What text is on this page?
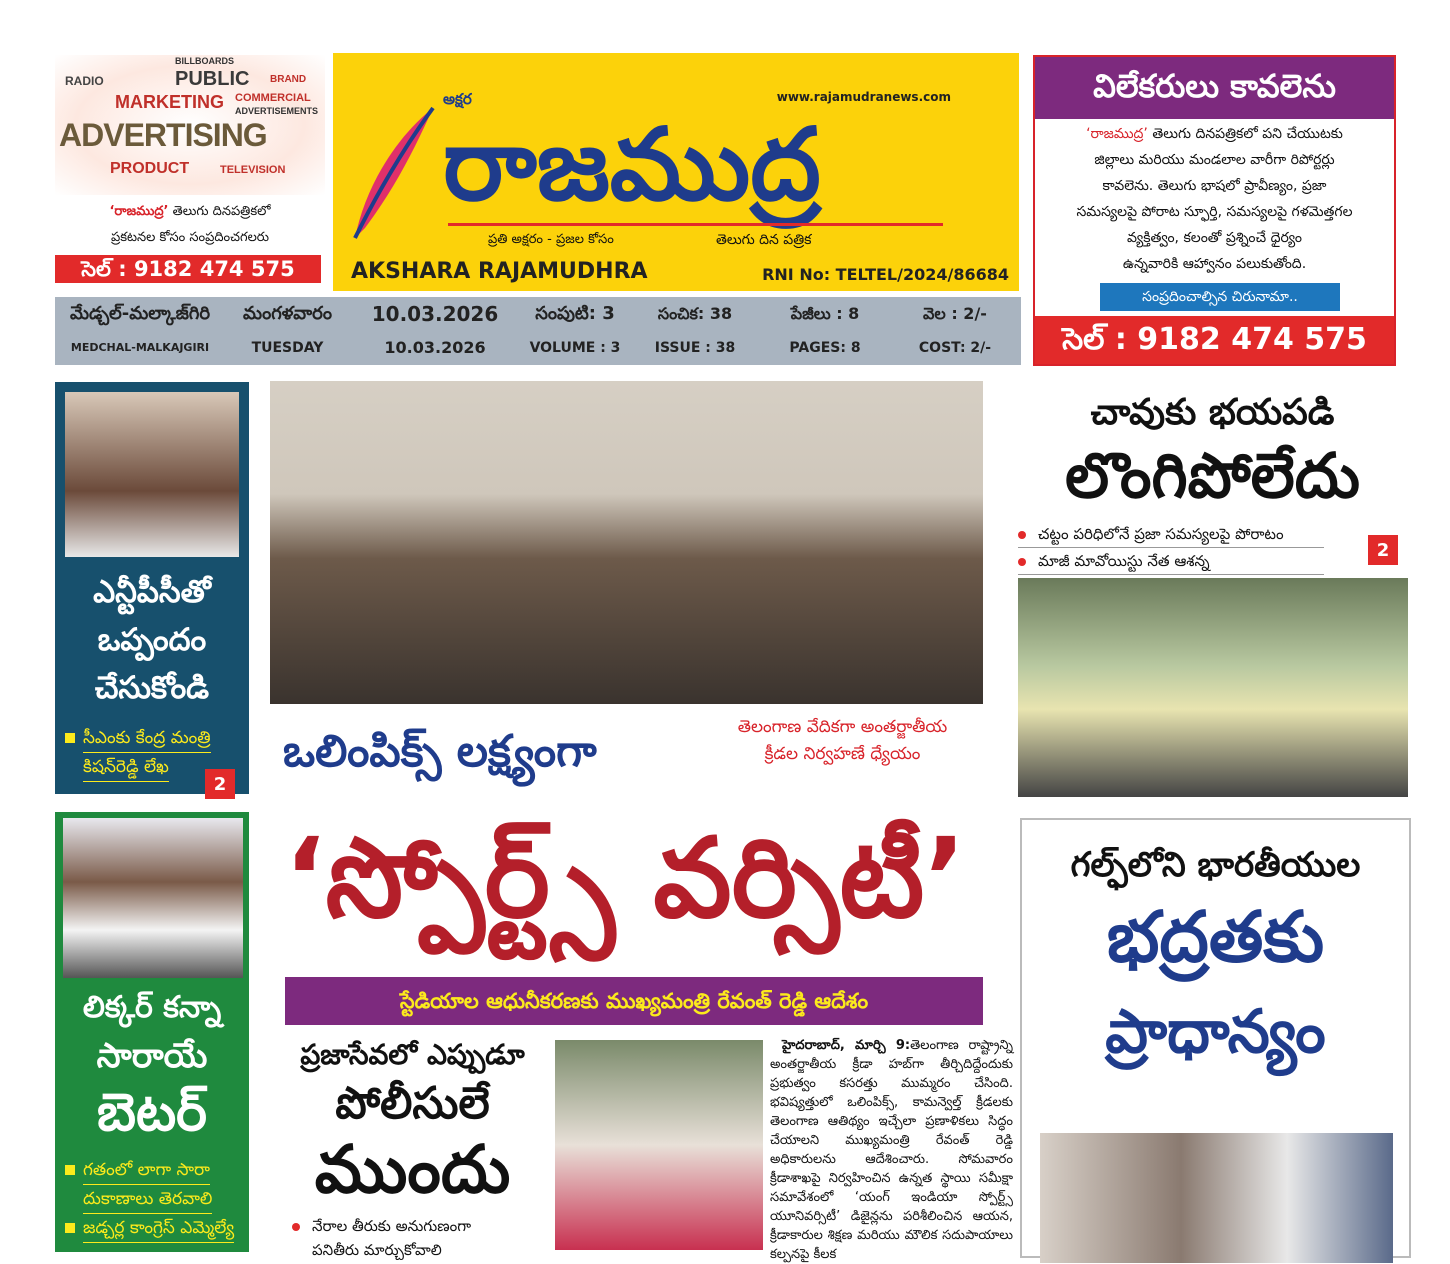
BILLBOARDS
PUBLIC BRAND
RADIO
MARKETING COMMERCIAL
ADVERTISEMENTS
ADVERTISING
PRODUCT	TELEVISION
‘రాజముద్ర’ తెలుగు దినపత్రికలో
ప్రకటనల కోసం సంప్రదించగలరు
సెల్ : 9182 474 575
www.rajamudranews.com
అక్షర
రాజముద్ర
ప్రతి అక్షరం - ప్రజల కోసం	తెలుగు దిన పత్రిక
AKSHARA RAJAMUDHRA	RNI No: TELTEL/2024/86684
మేడ్చల్-మల్కాజ్‌గిరి	మంగళవారం	10.03.2026	సంపుటి: 3	సంచిక: 38	పేజీలు : 8	వెల : 2/-
MEDCHAL-MALKAJGIRI	TUESDAY	10.03.2026	VOLUME : 3	ISSUE : 38	PAGES: 8	COST: 2/-
విలేకరులు కావలెను
‘రాజముద్ర’ తెలుగు దినపత్రికలో పని చేయుటకు
జిల్లాలు మరియు మండలాల వారీగా రిపోర్టర్లు
కావలెను. తెలుగు భాషలో ప్రావీణ్యం, ప్రజా
సమస్యలపై పోరాట స్ఫూర్తి, సమస్యలపై గళమెత్తగల
వ్యక్తిత్వం, కలంతో ప్రశ్నించే ధైర్యం
ఉన్నవారికి ఆహ్వానం పలుకుతోంది.
సంప్రదించాల్సిన చిరునామా..
సెల్ : 9182 474 575
ఎన్టీపీసీతో
ఒప్పందం
చేసుకోండి
సీఎంకు కేంద్ర మంత్రి
కిషన్‌రెడ్డి లేఖ
2
లిక్కర్ కన్నా
సారాయే
బెటర్
గతంలో లాగా సారా
దుకాణాలు తెరవాలి
జడ్చర్ల కాంగ్రెస్ ఎమ్మెల్యే
తెలంగాణ వేదికగా అంతర్జాతీయ
క్రీడల నిర్వహణే ధ్యేయం
ఒలింపిక్స్ లక్ష్యంగా
‘స్పోర్ట్స్ వర్సిటీ’
స్టేడియాల ఆధునీకరణకు ముఖ్యమంత్రి రేవంత్ రెడ్డి ఆదేశం
హైదరాబాద్, మార్చి 9:తెలంగాణ రాష్ట్రాన్ని అంతర్జాతీయ క్రీడా హబ్‌గా తీర్చిదిద్దేందుకు ప్రభుత్వం కసరత్తు ముమ్మరం చేసింది. భవిష్యత్తులో ఒలింపిక్స్, కామన్వెల్త్ క్రీడలకు తెలంగాణ ఆతిథ్యం ఇచ్చేలా ప్రణాళికలు సిద్ధం చేయాలని ముఖ్యమంత్రి రేవంత్ రెడ్డి అధికారులను ఆదేశించారు. సోమవారం క్రీడాశాఖపై నిర్వహించిన ఉన్నత స్థాయి సమీక్షా సమావేశంలో ‘యంగ్ ఇండియా స్పోర్ట్స్ యూనివర్సిటీ’ డిజైన్లను పరిశీలించిన ఆయన, క్రీడాకారుల శిక్షణ మరియు మౌలిక సదుపాయాలు కల్పనపై కీలక
ప్రజాసేవలో ఎప్పుడూ
పోలీసులే
ముందు
నేరాల తీరుకు అనుగుణంగా
పనితీరు మార్చుకోవాలి
చావుకు భయపడి
లొంగిపోలేదు
చట్టం పరిధిలోనే ప్రజా సమస్యలపై పోరాటం
మాజీ మావోయిస్టు నేత ఆశన్న
2
గల్ఫ్‌లోని భారతీయుల
భద్రతకు
ప్రాధాన్యం
